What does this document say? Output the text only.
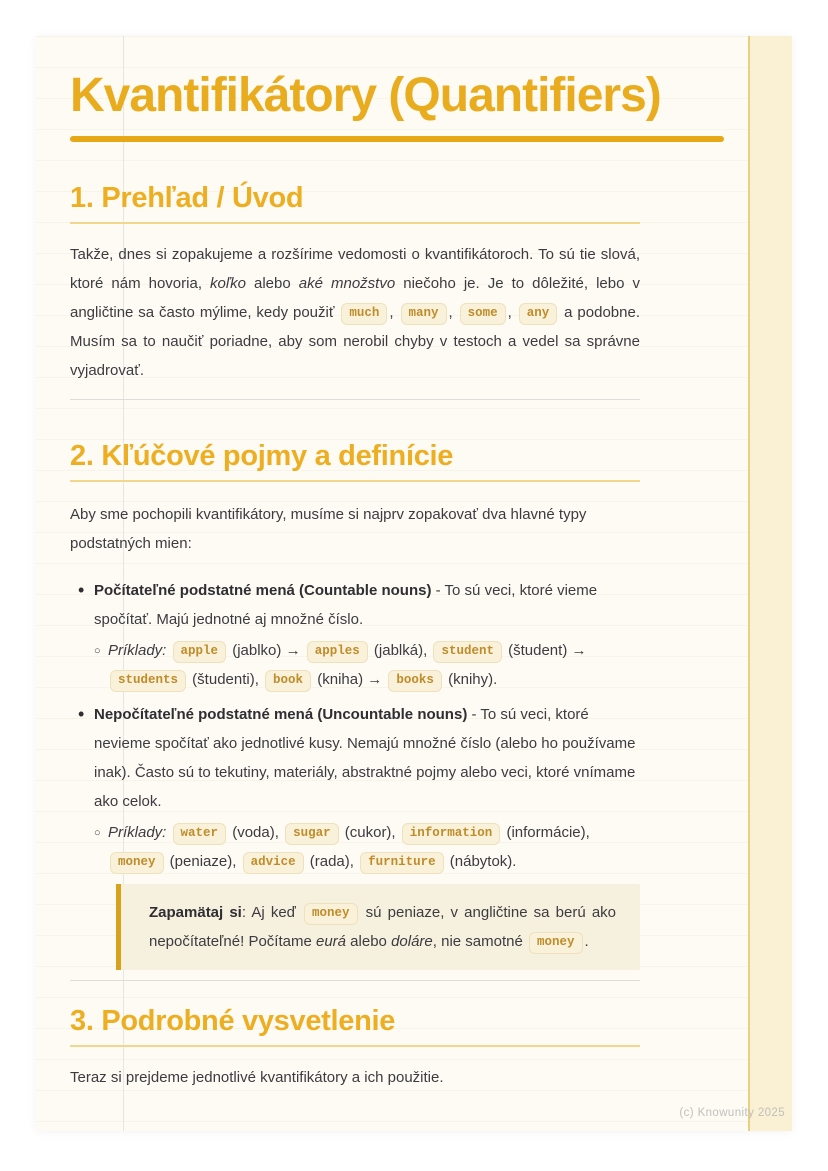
Kvantifikátory (Quantifiers)
1. Prehľad / Úvod

Takže, dnes si zopakujeme a rozšírime vedomosti o kvantifikátoroch. To sú tie slová, ktoré nám hovoria, koľko alebo aké množstvo niečoho je. Je to dôležité, lebo v angličtine sa často mýlime, kedy použiť much , many , some , any a podobne. Musím sa to naučiť poriadne, aby som nerobil chyby v testoch a vedel sa správne vyjadrovať.

2. Kľúčové pojmy a definície

Aby sme pochopili kvantifikátory, musíme si najprv zopakovať dva hlavné typy podstatných mien:

• Počítateľné podstatné mená (Countable nouns) - To sú veci, ktoré vieme spočítať. Majú jednotné aj množné číslo.
○ Príklady: apple (jablko) → apples (jablká), student (študent) → students (študenti), book (kniha) → books (knihy).
• Nepočítateľné podstatné mená (Uncountable nouns) - To sú veci, ktoré nevieme spočítať ako jednotlivé kusy. Nemajú množné číslo (alebo ho používame inak). Často sú to tekutiny, materiály, abstraktné pojmy alebo veci, ktoré vnímame ako celok.
○ Príklady: water (voda), sugar (cukor), information (informácie), money (peniaze), advice (rada), furniture (nábytok).

Zapamätaj si: Aj keď money sú peniaze, v angličtine sa berú ako nepočítateľné! Počítame eurá alebo doláre, nie samotné money .

3. Podrobné vysvetlenie

Teraz si prejdeme jednotlivé kvantifikátory a ich použitie.

(c) Knowunity 2025
